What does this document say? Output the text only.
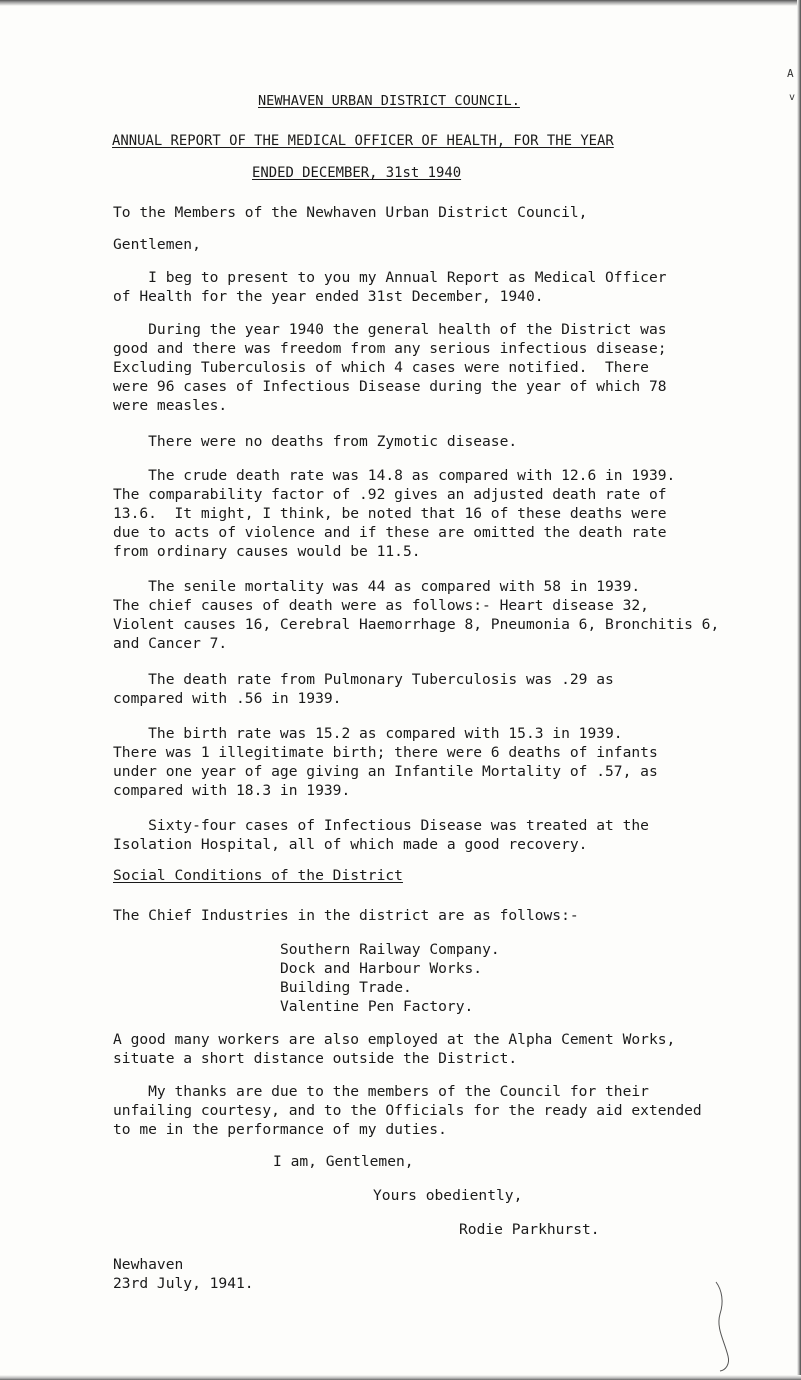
A
v
NEWHAVEN URBAN DISTRICT COUNCIL.
ANNUAL REPORT OF THE MEDICAL OFFICER OF HEALTH, FOR THE YEAR
ENDED DECEMBER, 31st 1940
To the Members of the Newhaven Urban District Council,
Gentlemen,
I beg to present to you my Annual Report as Medical Officer
of Health for the year ended 31st December, 1940.
During the year 1940 the general health of the District was
good and there was freedom from any serious infectious disease;
Excluding Tuberculosis of which 4 cases were notified.  There
were 96 cases of Infectious Disease during the year of which 78
were measles.
There were no deaths from Zymotic disease.
The crude death rate was 14.8 as compared with 12.6 in 1939.
The comparability factor of .92 gives an adjusted death rate of
13.6.  It might, I think, be noted that 16 of these deaths were
due to acts of violence and if these are omitted the death rate
from ordinary causes would be 11.5.
The senile mortality was 44 as compared with 58 in 1939.
The chief causes of death were as follows:- Heart disease 32,
Violent causes 16, Cerebral Haemorrhage 8, Pneumonia 6, Bronchitis 6,
and Cancer 7.
The death rate from Pulmonary Tuberculosis was .29 as
compared with .56 in 1939.
The birth rate was 15.2 as compared with 15.3 in 1939.
There was 1 illegitimate birth; there were 6 deaths of infants
under one year of age giving an Infantile Mortality of .57, as
compared with 18.3 in 1939.
Sixty-four cases of Infectious Disease was treated at the
Isolation Hospital, all of which made a good recovery.
Social Conditions of the District
The Chief Industries in the district are as follows:-
Southern Railway Company.
Dock and Harbour Works.
Building Trade.
Valentine Pen Factory.
A good many workers are also employed at the Alpha Cement Works,
situate a short distance outside the District.
My thanks are due to the members of the Council for their
unfailing courtesy, and to the Officials for the ready aid extended
to me in the performance of my duties.
I am, Gentlemen,
Yours obediently,
Rodie Parkhurst.
Newhaven
23rd July, 1941.
